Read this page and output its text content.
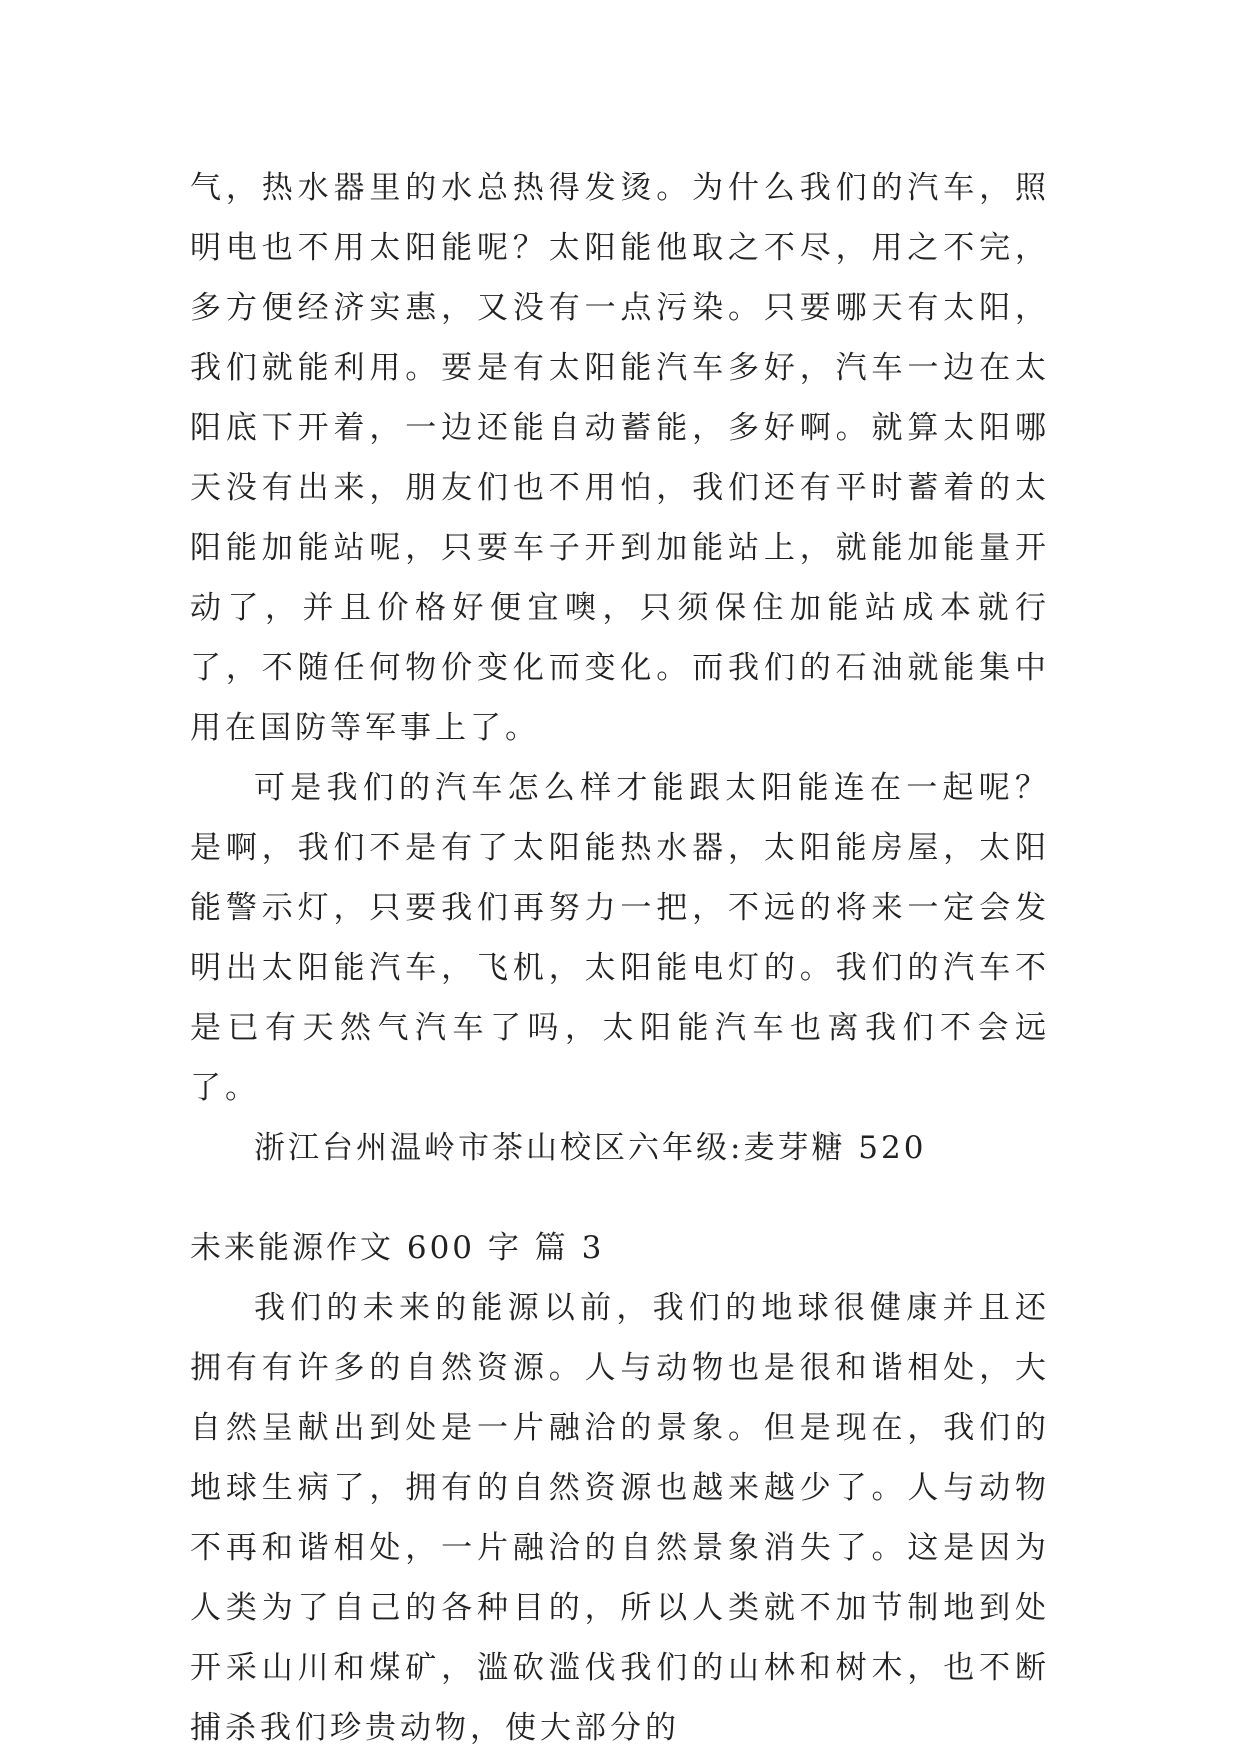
气，热水器里的水总热得发烫。为什么我们的汽车，照明电也不用太阳能呢？太阳能他取之不尽，用之不完，多方便经济实惠，又没有一点污染。只要哪天有太阳，我们就能利用。要是有太阳能汽车多好，汽车一边在太阳底下开着，一边还能自动蓄能，多好啊。就算太阳哪天没有出来，朋友们也不用怕，我们还有平时蓄着的太阳能加能站呢，只要车子开到加能站上，就能加能量开动了，并且价格好便宜噢，只须保住加能站成本就行了，不随任何物价变化而变化。而我们的石油就能集中用在国防等军事上了。

可是我们的汽车怎么样才能跟太阳能连在一起呢？是啊，我们不是有了太阳能热水器，太阳能房屋，太阳能警示灯，只要我们再努力一把，不远的将来一定会发明出太阳能汽车，飞机，太阳能电灯的。我们的汽车不是已有天然气汽车了吗，太阳能汽车也离我们不会远了。

浙江台州温岭市茶山校区六年级:麦芽糖 520

未来能源作文 600 字 篇 3

我们的未来的能源以前，我们的地球很健康并且还拥有有许多的自然资源。人与动物也是很和谐相处，大自然呈献出到处是一片融洽的景象。但是现在，我们的地球生病了，拥有的自然资源也越来越少了。人与动物不再和谐相处，一片融洽的自然景象消失了。这是因为人类为了自己的各种目的，所以人类就不加节制地到处开采山川和煤矿，滥砍滥伐我们的山林和树木，也不断捕杀我们珍贵动物，使大部分的
